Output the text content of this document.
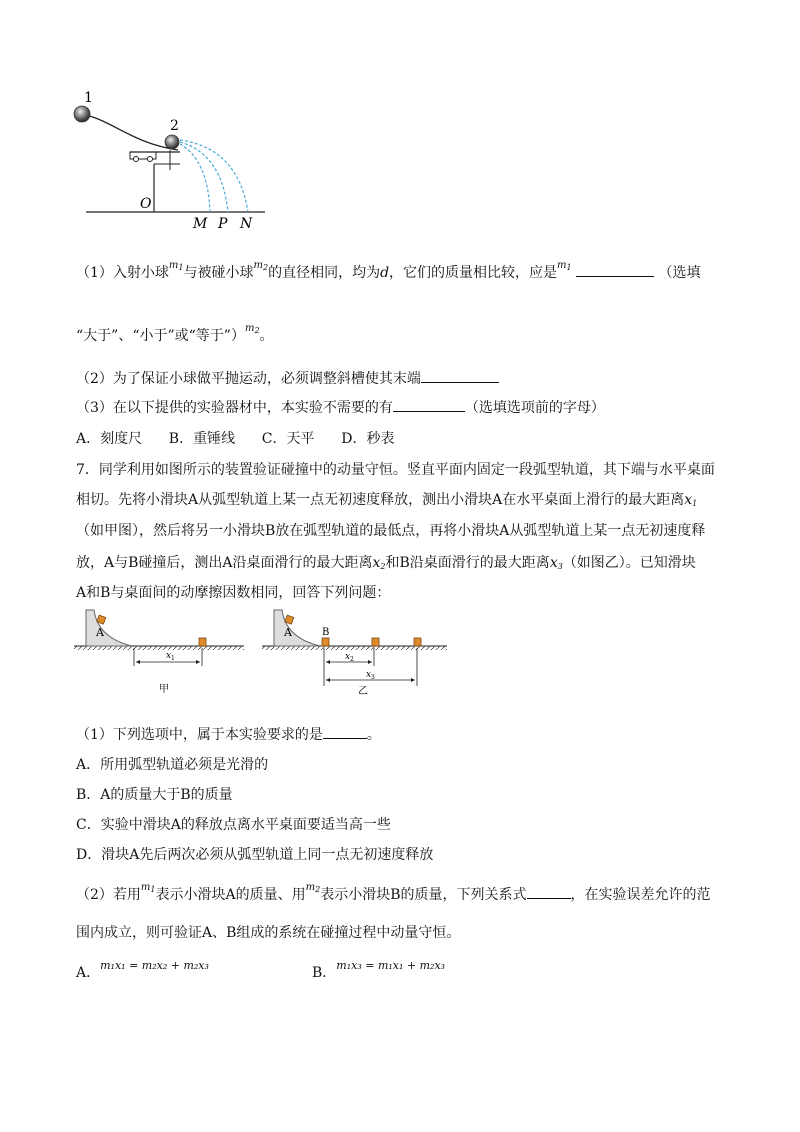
1
2
O
M P N
（1）入射小球$^{m_1}$与被碰小球$^{m_2}$的直径相同，均为d，它们的质量相比较，应是$^{m_1}$	（选填
“大于”、“小于”或“等于”）$^{m_2}$。
（2）为了保证小球做平抛运动，必须调整斜槽使其末端
（3）在以下提供的实验器材中，本实验不需要的有	（选填选项前的字母）
A．刻度尺      B．重锤线      C．天平      D．秒表
7．同学利用如图所示的装置验证碰撞中的动量守恒。竖直平面内固定一段弧型轨道，其下端与水平桌面
相切。先将小滑块A从弧型轨道上某一点无初速度释放，测出小滑块A在水平桌面上滑行的最大距离x1
（如甲图），然后将另一小滑块B放在弧型轨道的最低点，再将小滑块A从弧型轨道上某一点无初速度释
放，A与B碰撞后，测出A沿桌面滑行的最大距离x2和B沿桌面滑行的最大距离x3（如图乙）。已知滑块
A和B与桌面间的动摩擦因数相同，回答下列问题：
A
x 1
甲
A	B
x 2
x 3
乙
（1）下列选项中，属于本实验要求的是	。
A．所用弧型轨道必须是光滑的
B．A的质量大于B的质量
C．实验中滑块A的释放点离水平桌面要适当高一些
D．滑块A先后两次必须从弧型轨道上同一点无初速度释放
（2）若用$^{m_1}$表示小滑块A的质量、用$^{m_2}$表示小滑块B的质量，下列关系式	，在实验误差允许的范
围内成立，则可验证A、B组成的系统在碰撞过程中动量守恒。
A．$^{m_1x_1 = m_2x_2 + m_2x_3}$	B．$^{m_1x_3 = m_1x_1 + m_2x_3}$
